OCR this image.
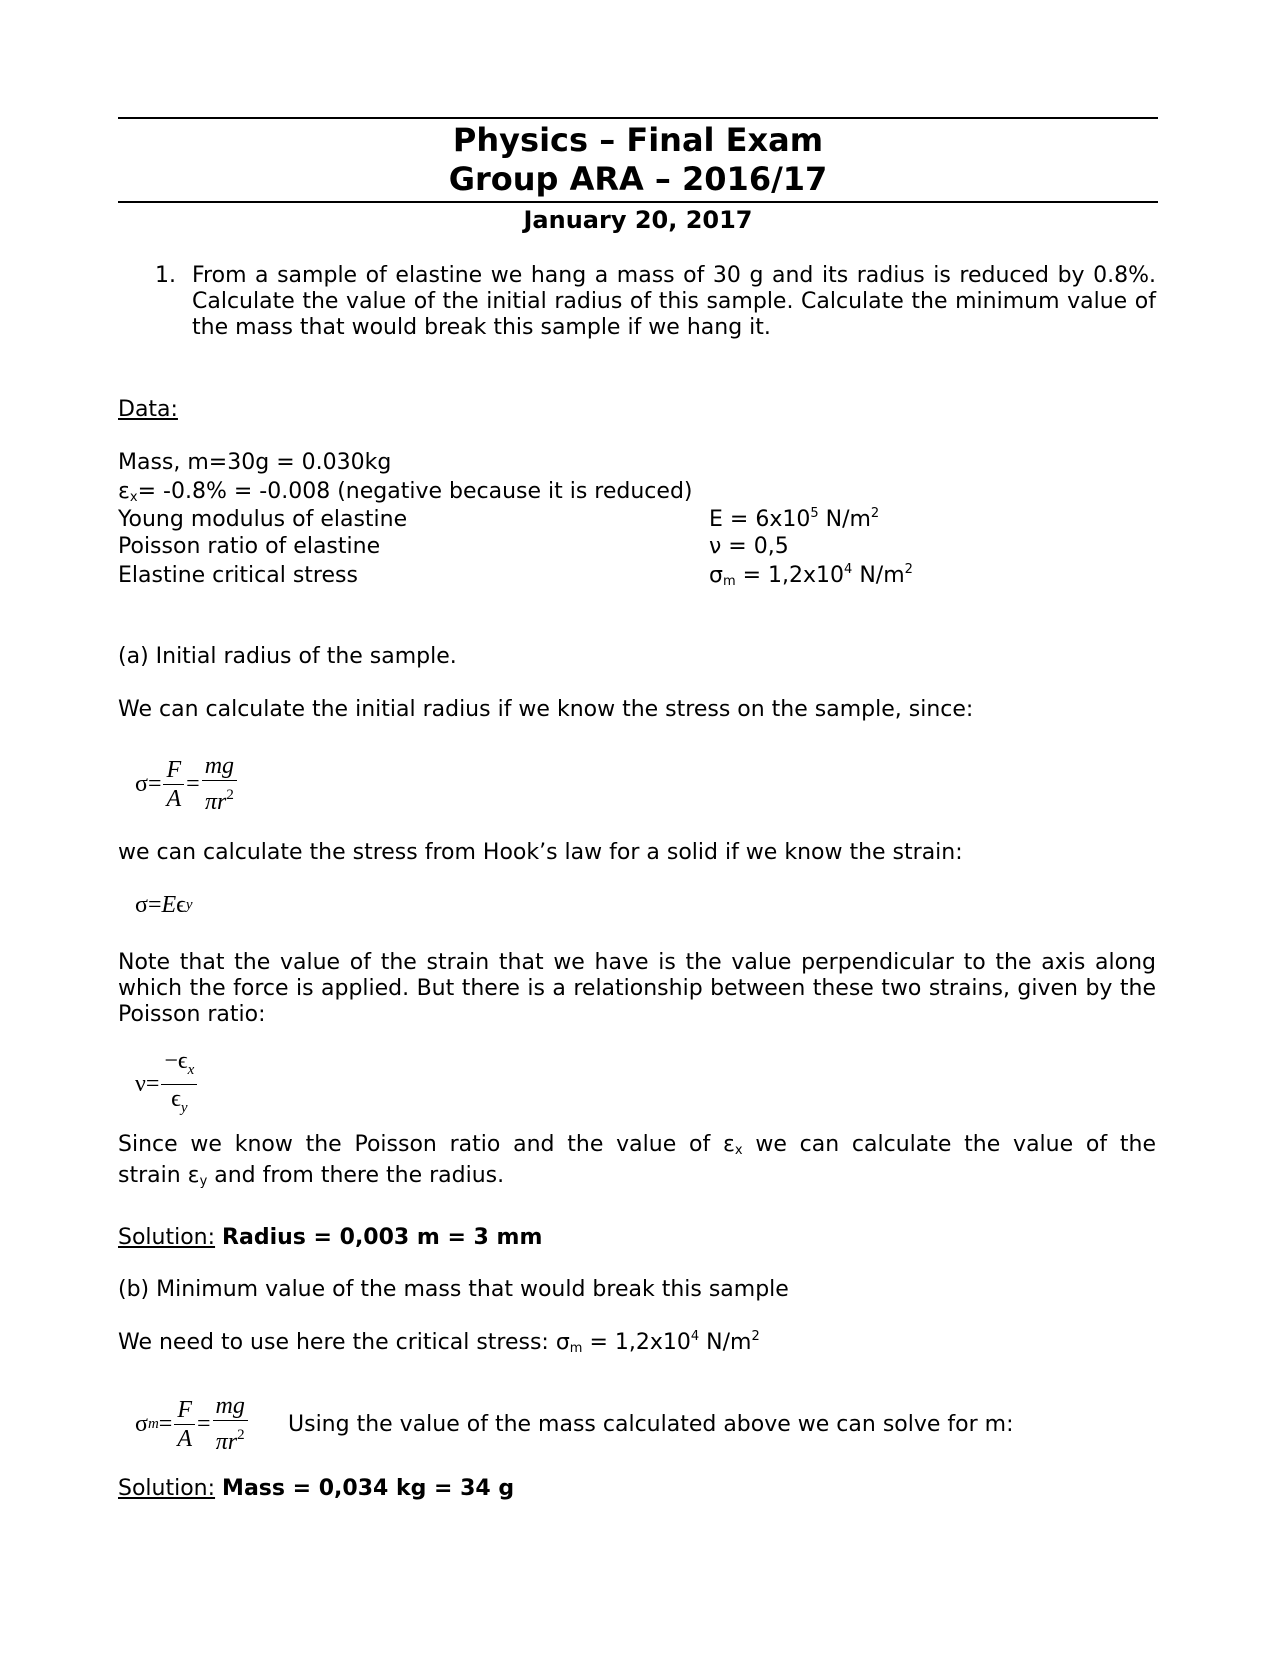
Physics – Final Exam
Group ARA – 2016/17
January 20, 2017
1. From a sample of elastine we hang a mass of 30 g and its radius is reduced by 0.8%. Calculate the value of the initial radius of this sample. Calculate the minimum value of the mass that would break this sample if we hang it.
Data:
Mass, m=30g = 0.030kg
$\varepsilon_x= -0.8\% = -0.008$ (negative because it is reduced)
Young modulus of elastine	$E = 6x10^5$ $N/m^2$
Poisson ratio of elastine	ν = 0,5
Elastine critical stress	$\sigma_m = 1,2x10^4$ $N/m^2$
(a) Initial radius of the sample.
We can calculate the initial radius if we know the stress on the sample, since:
$\sigma= \frac{F}{A} = \frac{mg}{\pi r^2}$
we can calculate the stress from Hook’s law for a solid if we know the strain:
σ= E ϵ y
Note that the value of the strain that we have is the value perpendicular to the axis along which the force is applied. But there is a relationship between these two strains, given by the Poisson ratio:
$\nu= \frac{-\epsilon_x}{\epsilon_y}$
Since we know the Poisson ratio and the value of $\varepsilon_x$ we can calculate the value of the
strain $\varepsilon_y$ and from there the radius.
Solution: Radius = 0,003 m = 3 mm
(b) Minimum value of the mass that would break this sample
We need to use here the critical stress: $\sigma_m = 1,2x10^4$ $N/m^2$
σ $m = \frac{F}{A} = \frac{mg}{\pi r^2}$ Using the value of the mass calculated above we can solve for m:
Solution: Mass = 0,034 kg = 34 g
